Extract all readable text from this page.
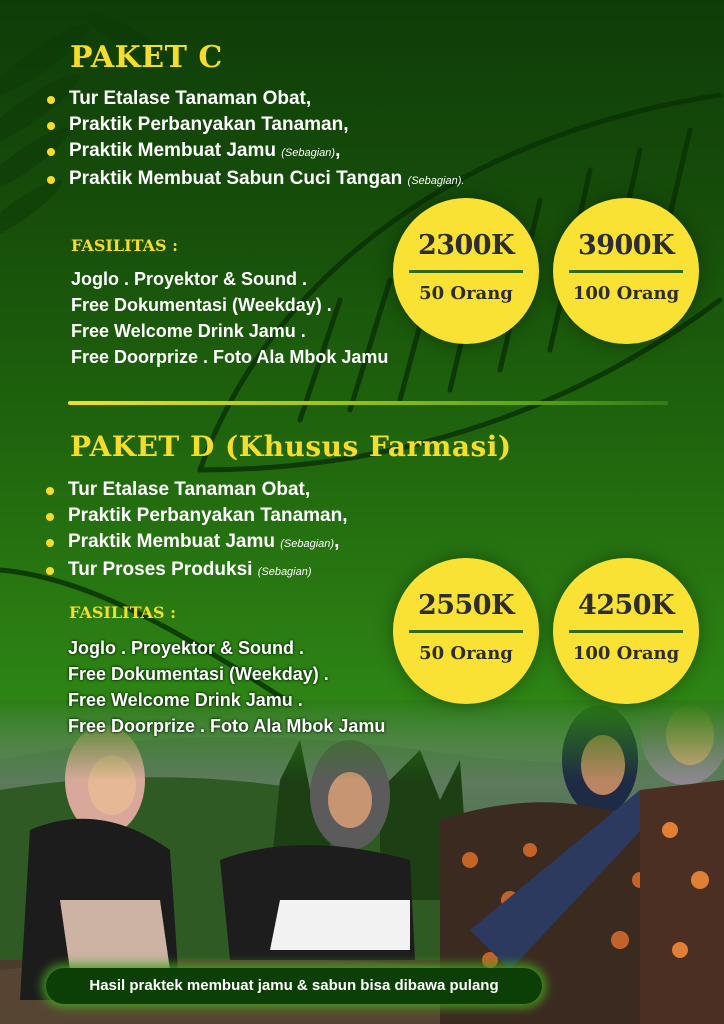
PAKET C
Tur Etalase Tanaman Obat,
Praktik Perbanyakan Tanaman,
Praktik Membuat Jamu (Sebagian),
Praktik Membuat Sabun Cuci Tangan (Sebagian).
FASILITAS :
Joglo . Proyektor & Sound .
Free Dokumentasi (Weekday) .
Free Welcome Drink Jamu .
Free Doorprize . Foto Ala Mbok Jamu
2300K
50 Orang
3900K
100 Orang
PAKET D (Khusus Farmasi)
Tur Etalase Tanaman Obat,
Praktik Perbanyakan Tanaman,
Praktik Membuat Jamu (Sebagian),
Tur Proses Produksi (Sebagian)
FASILITAS :
Joglo . Proyektor & Sound .
Free Dokumentasi (Weekday) .
Free Welcome Drink Jamu .
Free Doorprize . Foto Ala Mbok Jamu
2550K
50 Orang
4250K
100 Orang
Hasil praktek membuat jamu & sabun bisa dibawa pulang
